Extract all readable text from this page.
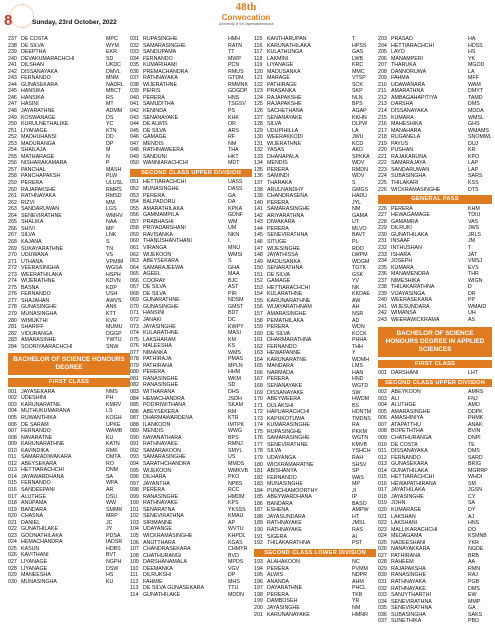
8	Sunday, 23rd October, 2022
48th
Convocation
University of Sri Jayewardenepura
237 DE COSTA	MPC
238 DE SILVA	WYM
239 DEEPTHA	EKR
240 DEVAKUMARACHCHI	SD
241 DILSHAN	UKDC
242 DISSANAYAKA	DMVL
243 FERNANDO	MNM
244 GUNASEKARA	NADRL
245 HANSIKA	MBCT
246 HANSIKA	RS
247 HASINI	MT
248 JAYARATHNE	ADMM
249 KOSWANAGE	DS
250 KURULNETHALIKE	YC
251 LIYANAGE	KTN
252 MADHUHANSI	DD
253 MADURANGA	DP
254 SHAILAJA	M
255 MATHARAGE	N
256 NISHARAKAMARA	P
257 PANCHAL	MASH
258 PANCHAPAKSH	PLW
259 PERERA	ULUSL
260 RAJAPAKSHE	RMRS
261 RATHNAYAKA	RMSD
262 RIZVI	MM
263 SANDARUWAN	LGS
264 SENEVIRATHNE	WMHV
265 SHALIKA	NAA
266 SHIVI	MP
267 SILVA	LNK
268 KAJANA	S
269 SUKAYARATHNE	TN
270 UDUWANA	VS
271 UTHANA	VPMIM
272 VEERASINGHA	WGSA
273 WEERATHILAKA	HSPH
274 WIJERATHNE	KDVN
275 BASNA	KDP
276 FERNANDO	USH
277 SHAJAHAN	AWVS
278 GUNASINGHE	ANK
279 MUNASINGHA	KTT
280 WIMUKTHI	KVR
281 SHARIFF	MUMU
282 VIDURANGA	DGGP
283 AMARASINHE	YWTU
284 SOORIYAARACHCHI	SNW
BACHELOR OF SCIENCE HONOURS DEGREE
FIRST CLASS
001 JAYASEKARA	NMS
002 UDESHINI	PH
003 KARUNARATNE	KMRV
004 MUTHUKUMARANA	LS
005 RUWANTHIKA	KOGH
006 DE SARAM	UPKE
007 FERNANDO	WAMB
008 NAVARATNE	KU
009 KARUNARATHNE	KATN
010 KAVINDIKA	RMK
011 SAMARADIWAKARA	DMTA
012 ABEYSEKARA	RO
013 HETTIARACHCHI	DNM
014 JAYAWARDHANA	SA
015 FERNANDO	WPA
016 SANDEEPANI	AR
017 ALUTHGE	DSU
018 ANUPAMA	WW
019 BANDARA	SMMR
020 CHASNA	MRP
021 DANIEL	JC
022 GUNATHILAKE	JY
023 GOONATHILAKA	PDSA
024 HEMACHANDRA	IADSR
025 KASUN	HDBS
026 KAVITHANI	BVT
027 LIYANAGE	NGPH
028 LIYANAGE	DSW
029 MANEESHA	HS
030 MUNASINGHA	KU
031 RUPASINGHE	HMH
032 SAMARASINGHE	RATN
033 SANDUPAMA	TT
034 FERNANDO	MWP
035 KUMARIHAMI	PCN
036 PREMACHANDRA	RMUS
037 RATHNAYAKA	GTDM
038 WIJERATHNE	RMMNK
039 PEIRIS	GDGDP
040 PERERA	HNS
041 SAMUDITHA	TSGSV
042 KENINDA	PS
043 SENANAYAKE	KHK
044 DE ALWIS	OR
045 DE SILVA	ARS
046 GAMAGE	RF
047 MENDIS	NM
048 RATHNAWEERA	THA
049 SANDUNI	HKT
050 WANNIARACHCHI	MDT
SECOND CLASS UPPER DIVISION
051 HETTIARACHCHI	UASS
052 MUNASINGHE	DASS
053 PERERA	GA
054 BALPADORU	DA
055 AMARATHILAKA	KPKA
056 GAMMAMPILA	GDNF
057 PRABHASHI	WM
058 PRIYADARSHANI	UM
059 RAVISANKA	NKN
060 THANUSHANTHANI	L
061 VIRANGA	MNU
062 WIJEKOON	WMSI
063 ABEYSEKARA	S
064 SAMARAJEEWA	GHA
065 AGEEL	MAA
066 COORAY	BJC
067 DE SILVA	AST
068 DE SILVA	PIR
069 GUNARATHNE	NDSM
070 GUNASINGHE	GMST
071 HANSINI	BDT
072 JANAKI	DC
073 JAYASINGHE	KWPY
074 KULARATHNE	MASI
075 LAKSHARAM	KM
076 MALEESHA	KS
077 NIMANKA	WMS
078 PATHIRAJA	PMAS
079 PATHIRANA	MPLN
080 PERERA	HHM
081 RANASINGHE	WKM
082 RANASINGHE	SD
083 WITHARANA	DHS
084 HEMACHANDRA	JSDH
085 PODIRIWITHANA	SKAM
086 ABEYSEKERA	RM
087 DHARMAWARDENA	KTR
088 ILANKOON	IMTPK
089 MENDIS	WWG
090 NAYANATHARA	BPS
091 RATHNAYAKE	RMNJ
092 SAMARAKOON	SMYL
093 SAMARASINGHE	US
094 SARATHCHANDRA	MMDS
095 WIJEKOON	WMKVB
096 DILHARA	PKO
097 JAYANTHA	NPBS
098 PERERA	RCC
099 RANASINGHE	HMDM
100 RATHNAYAKE	KPS
101 SENARATNA	YKSSS
102 SENEVIRATHNA	KMAU
103 SIRIMANNE	AP
104 UDAYANGE	WVTU
105 WICKRAMASINGHE	KHPDL
106 ANUTTHARA	KGAS
107 CHANDRASEKARA	CHMYR
108 CHATHURANGI	BVD
109 DARSHANAMALA	MPDS
110 DEEMANKA	VGV
111 DILRUKSHI	DP
112 FAHMIE	MHS
113 DE SILVA GUNASEKARA	TTU
114 GUNATHILAKE	MDDN
115 KANTHARUPAN	T
116 KARUNATHILAKA	HPSS
117 KULATHUNGA	GAS
118 LAKMINI	LWB
119 LIYANAGE	KRC
120 MADUSANKA	MMC
121 MARAGE	VTSP
122 PATHIRAGE	SCK
123 PRASANKA	SKP
124 RAJAPAKSHE	NLN
125 RAJAPAKSHE	BPS
126 SACHETHANA	AGAP
127 SENANAYAKE	KKHN
128 SILVA	DLPW
129 UDUPIHILLA	LA
130 WEERAKKODI	JWU
131 WIJERATHNE	KCD
132 YASAS	AKD
133 DHANAPALA	SPKKA
134 MENDIS	WDV
135 PERERA	RMDN
136 SAMINDI	WDV
137 THARAKA	S
138 ARULNANDHY	GMGS
139 CHANDRASENA	HADU
140 PERERA	JYL
141 SAMARASINGHE	NM
142 ARIYARATHNA	GAMA
143 DIWAKARA	UT
144 PERERA	MLVO
145 SENEVIRATHNA	BAVT
146 SITUGE	PL
147 WIJESINGHE	RDO
148 JAYATHISSA	LWPM
149 MADUSANKA	WDGM
150 SENARATHNA	TGTK
151 DE SILVA	GSK
152 GAMAGE	YV
153 HETTIARACHCHI	NK
154 KULARATHNE	KKDAE
155 KARUNARATHNE	AW
156 WIJAYARATHNAM	AH
157 AMARASINGHE	NSR
158 PEMATHILAKA	AD
159 PERERA	WDN
160 DE SILVA	KCCK
161 DHARMARATHNA	PHHA
162 FERNANDO	THH
163 HEWAPANNE	Y
164 KARUNARATNE	WDMH
165 MANDARA	LMS
166 NARMADA	HAN
167 PERERA	HND
168 SENANAYAKE	WGTD
169 DISSANAYAKE	SW
170 ABEYWEERA	HWDM
171 DULAKSHI	BS
172 HAPUARACHCHI	HDNTM
173 KAPUKOTUWA	TMDNS
174 KUMARASINGHE	RA
175 RUPASINGHE	PKKM
176 SAMARASINGHE	WGTN
177 SENEVIRATHNE	KMVB
178 SILVA	YSHCH
179 UDAYANGA	RAH
180 WICKRAMARATNE	SHSV
181 ABISHANYA	SP
182 FERNANDO	WAS
183 MUNASINGHE	MP
184 PUNCHIAMOORTHY	JI
185 ABEYWARDHANA	IP
186 BANDARA	BASO
187 ESHENA	AMPW
188 JAYASUNDARA	HT
189 RATHNAYAKE	JMSL
190 RATHNAYAKE	RAS
191 SIGERA	AI
192 THILAKARATHNA	PST
SECOND CLASS LOWER DIVISION
193 ALAHAKOON	NC
194 PERERA	PVMM
195 ALWIS	NDPR
196 ANANDA	AHM
197 DAYARATHNE	PHCL
198 PERERA	TKB
199 DAMBOSEH	YR
200 JAYASINGHE	NM
201 KARUNANAYAKE	HMNR
203 PRASAD	HA
204 HETTIARACHCHI	HDSS
205 LAYO	HS
206 MANAMPERI	YK
207 THARUKA	MGOD
208 DANNORUWA	LA
209 FAHMA	MFF
210 UDAWANARA	WAM
211 AMARATHNA	DMYT
212 AMBAGAHAPITIYA	TAMD
213 DARSHA	DMS
214 DISSANAYAKA	MDDA
215 KUMARA	WMSL
216 MAHESHIKA	GHS
217 MANAHARA	WMAMS
218 RUGANELA	SNOMWL
219 PAYUS	DUJ
220 PUSHAN	KR
221 RAJAKARUNA	KPO
222 SAMARAJAYA	LAP
223 SANDARUWAN	LAP
224 SUBASINGHA	SARS
225 THILAKARI	KSS
226 WICKRAMASINGHE	DTS
GENERAL PASS
226 PERERA	KHM
227 HEWAGAMAGE	TDIU
228 GAMAMRA	VAS
229 DILRUKI	JWS
230 GUNATHILAKA	JRLS
231 INSAAF	JM
232 INTHUSHAN	T
233 ISHARA	JAT
234 JOSEPH	VMSJ
235 KUMARA	EVS
236 MANAMENDRA	THR
237 NIMESHIKA	WIGN
238 THILAKARATHNA	D
239 VIJAYASINGA	DR
240 WEERASEKARA	PP
241 WIJESUNDARA	WMAID
242 WIMANSA	UH
243 WEERAWICKRAMA	AS
BACHELOR OF SCIENCE HONOURS DEGREE IN APPLIED SCIENCES
FIRST CLASS
001 DARSHANI	LHT
SECOND CLASS UPPER DIVISION
002 ABEYKOON	AMRS
003 ALI	FNJ
004 ALUTHGE	AMD
005 AMARASINGHE	DDPK
006 AMASHINIYA	PHMK
007 ATAPATTHU	ANAK
008 BOPETHTHA	BVIN
009 CHATHURANGA	DNPI
010 DE COSTA	TE
011 DISSANAYAKA	DMS
012 FERNANDO	SARD
013 GUNASEKARA	BRIG
014 GUNATHILAKA	MGRRP
015 HETTIARACHCHI	WHDI
016 HEWAPATHIRANA	SM
017 JAYATHILAKA	JGSN
018 JAYASINGHE	CY
019 JOHN	SA
020 KUMARAGE	DY
021 LAKSHAN	AJ
022 LAKSHANI	HNS
023 MALLIKARACHCHI	DO
024 MEDAGAMA	KSMNB
025 NADEESHANI	YKR
026 NANAYAKKARA	NGDE
027 PATHIRANA	BRB
028 RAHEEM	AA
029 RAJAPAKSHA	RMN
030 RANASINGHE	RAJ
031 RATHNAYAKA	PGB
032 RATHNAYAKE	DMS
033 SANJYTHARTHI	EW
034 SENEVIRATHNA	MMP
035 SENEVIRATHNA	GA
036 SUBASINGHA	SAKS
037 SUNETHIKA	PBD
